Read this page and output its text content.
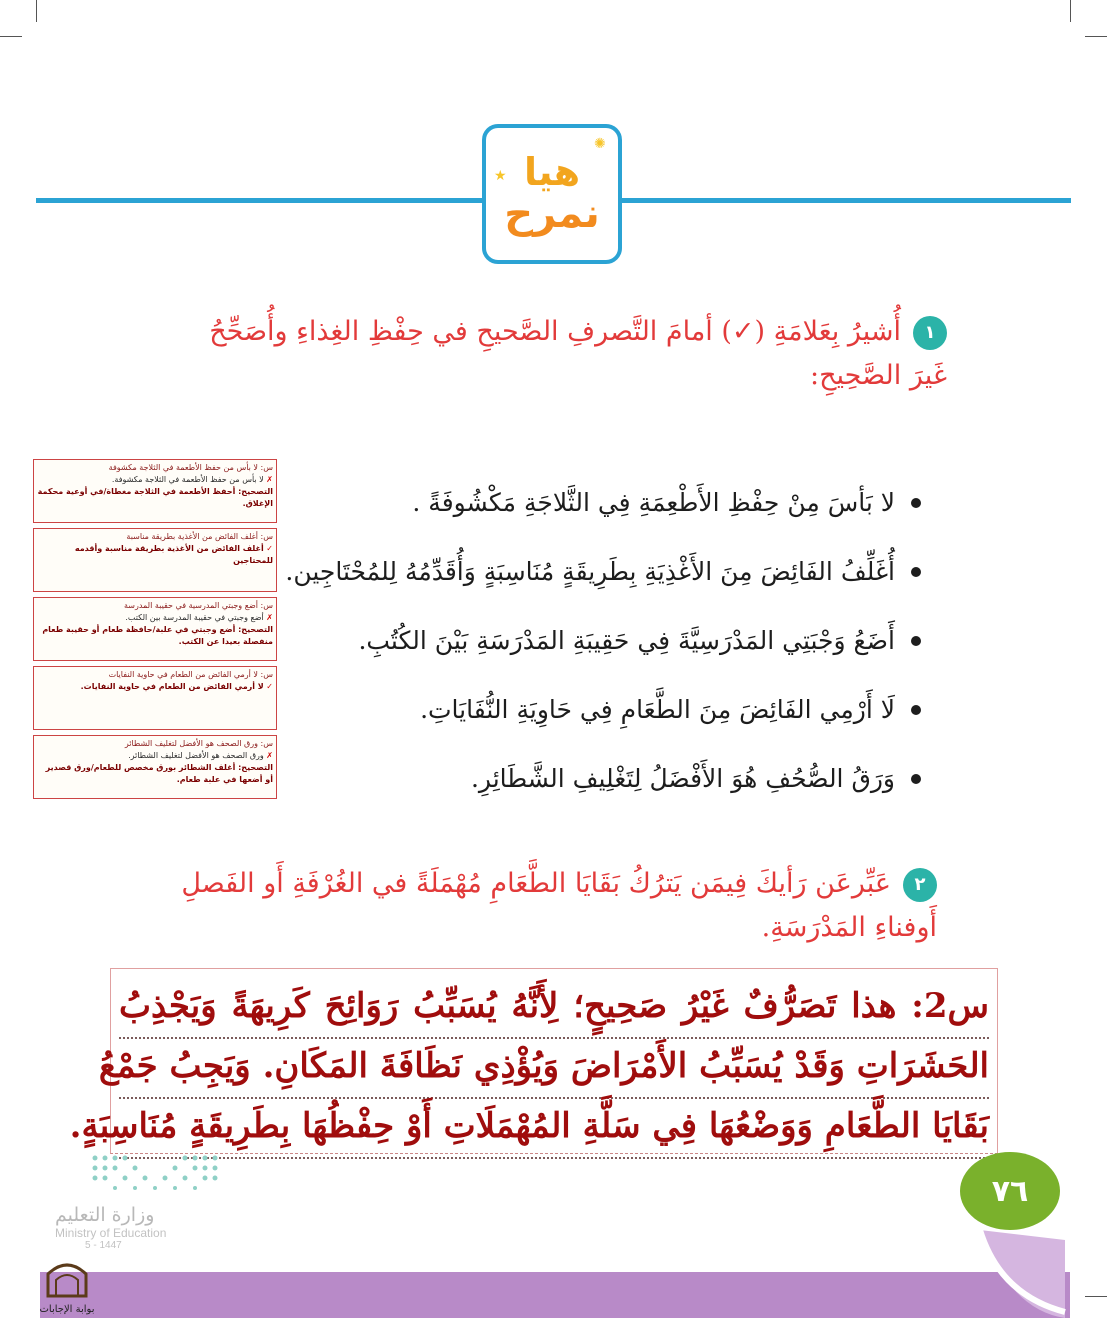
★
✺
هيا
نمرح
١أُشيرُ بِعَلامَةِ (✓) أمامَ التَّصرفِ الصَّحيحِ في حِفْظِ الغِذاءِ وأُصَحِّحُ غَيرَ الصَّحِيحِ:
لا بَأسَ مِنْ حِفْظِ الأَطْعِمَةِ فِي الثَّلاجَةِ مَكْشُوفَةً .
أُغَلِّفُ الفَائِضَ مِنَ الأَغْذِيَةِ بِطَرِيقَةٍ مُنَاسِبَةٍ وَأُقَدِّمُهُ لِلمُحْتَاجِين.
أَضَعُ وَجْبَتِي المَدْرَسِيَّةَ فِي حَقِيبَةِ المَدْرَسَةِ بَيْنَ الكُتُبِ.
لَا أَرْمِي الفَائِضَ مِنَ الطَّعَامِ فِي حَاوِيَةِ النُّفَايَاتِ.
وَرَقُ الصُّحُفِ هُوَ الأَفْضَلُ لِتَغْلِيفِ الشَّطَائِرِ.
س: لا بأس من حفظ الأطعمة في الثلاجة مكشوفة
✗ لا بأس من حفظ الأطعمة في الثلاجة مكشوفة.
التصحيح: أحفظ الأطعمة في الثلاجة مغطاة/في أوعية محكمة الإغلاق.
س: أغلف الفائض من الأغذية بطريقة مناسبة
✓ أغلف الفائض من الأغذية بطريقة مناسبة وأقدمه للمحتاجين
س: أضع وجبتي المدرسية في حقيبة المدرسة
✗ أضع وجبتي في حقيبة المدرسة بين الكتب.
التصحيح: أضع وجبتي في علبة/حافظة طعام أو حقيبة طعام منفصلة بعيدا عن الكتب.
س: لا أرمي الفائض من الطعام في حاوية النفايات
✓ لا أرمي الفائض من الطعام في حاوية النفايات.
س: ورق الصحف هو الأفضل لتغليف الشطائر
✗ ورق الصحف هو الأفضل لتغليف الشطائر.
التصحيح: أغلف الشطائر بورق مخصص للطعام/ورق قصدير أو أضعها في علبة طعام.
٢عَبِّرعَن رَأيكَ فِيمَن يَترُكُ بَقَايَا الطَّعَامِ مُهْمَلَةً في الغُرْفَةِ أَو الفَصلِ أَوفناءِ المَدْرَسَةِ.
س2: هذا تَصَرُّفٌ غَيْرُ صَحِيحٍ؛ لِأَنَّهُ يُسَبِّبُ رَوَائِحَ كَرِيهَةً وَيَجْذِبُ
الحَشَرَاتِ وَقَدْ يُسَبِّبُ الأَمْرَاضَ وَيُؤْذِي نَظَافَةَ المَكَانِ. وَيَجِبُ جَمْعُ
بَقَايَا الطَّعَامِ وَوَضْعُهَا فِي سَلَّةِ المُهْمَلَاتِ أَوْ حِفْظُهَا بِطَرِيقَةٍ مُنَاسِبَةٍ.
وزارة التعليم
Ministry of Education
5 - 1447
٧٦
بوابة الإجابات
